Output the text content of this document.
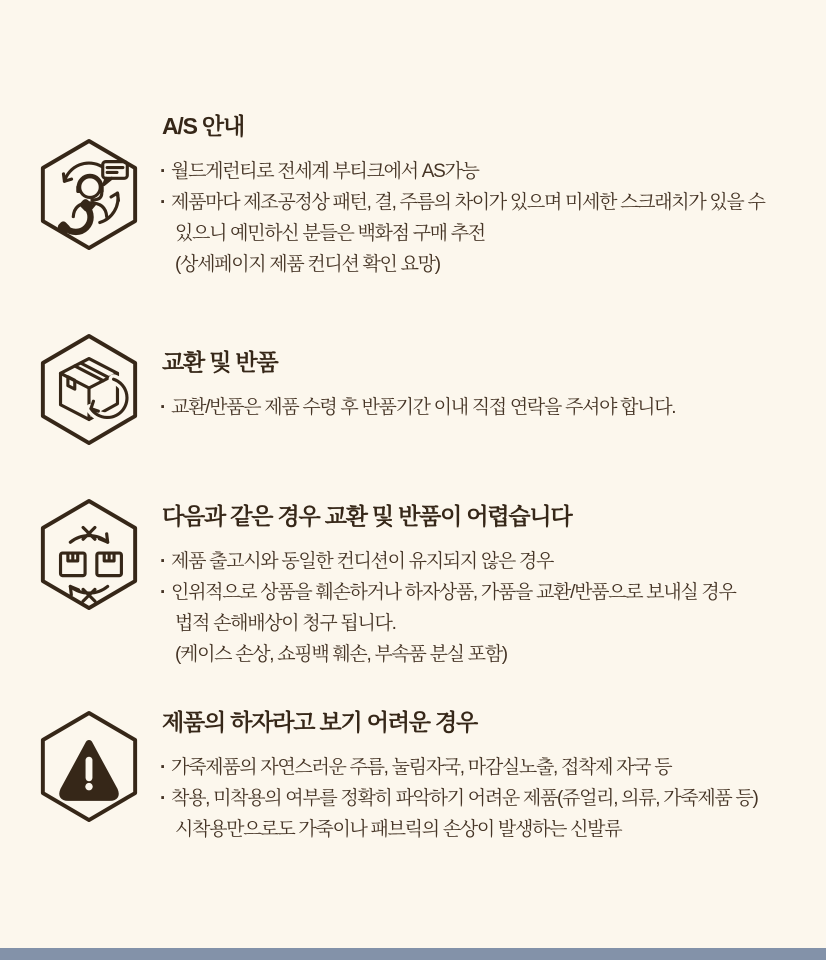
A/S 안내
· 월드게런티로 전세계 부티크에서 AS가능
· 제품마다 제조공정상 패턴, 결, 주름의 차이가 있으며 미세한 스크래치가 있을 수
있으니 예민하신 분들은 백화점 구매 추전
(상세페이지 제품 컨디션 확인 요망)
교환 및 반품
· 교환/반품은 제품 수령 후 반품기간 이내 직접 연락을 주셔야 합니다.
다음과 같은 경우 교환 및 반품이 어렵습니다
· 제품 출고시와 동일한 컨디션이 유지되지 않은 경우
· 인위적으로 상품을 훼손하거나 하자상품, 가품을 교환/반품으로 보내실 경우
법적 손해배상이 청구 됩니다.
(케이스 손상, 쇼핑백 훼손, 부속품 분실 포함)
제품의 하자라고 보기 어려운 경우
· 가죽제품의 자연스러운 주름, 눌림자국, 마감실노출, 접착제 자국 등
· 착용, 미착용의 여부를 정확히 파악하기 어려운 제품(쥬얼리, 의류, 가죽제품 등)
시착용만으로도 가죽이나 패브릭의 손상이 발생하는 신발류
